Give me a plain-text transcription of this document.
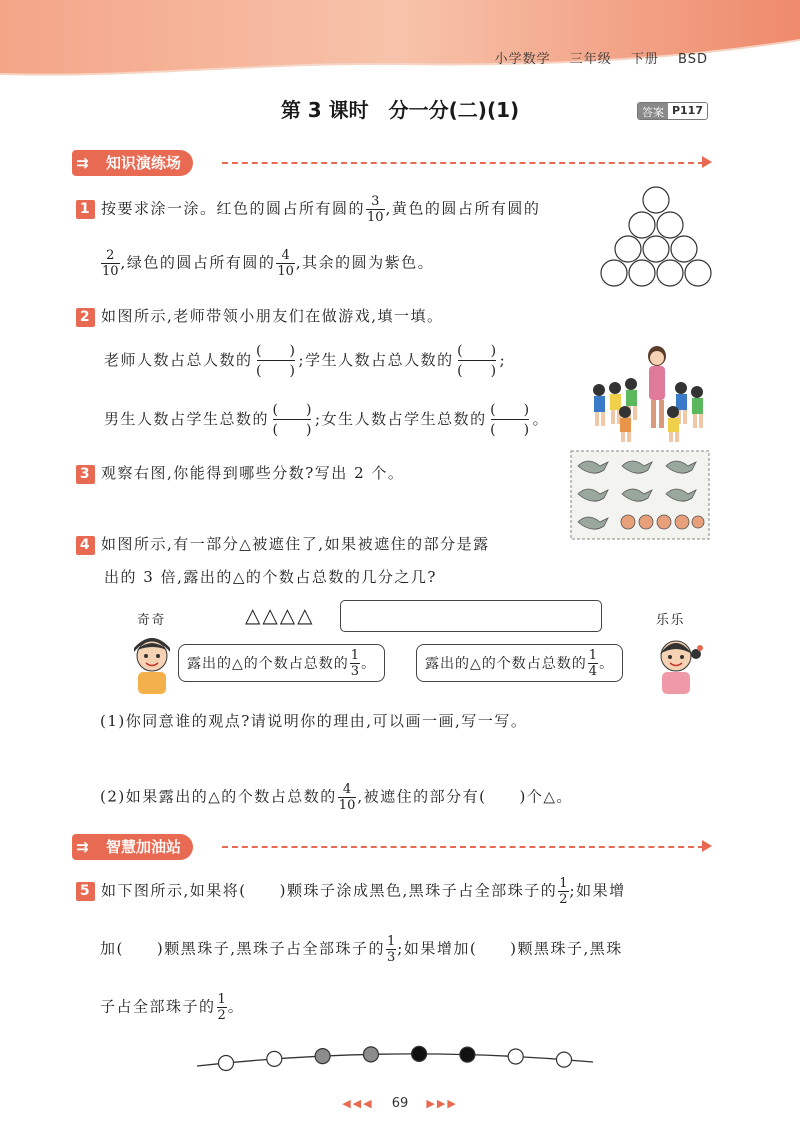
小学数学 三年级 下册 BSD
第 3 课时　分一分(二)(1)	答案 P117
⇉	知识演练场
1 按要求涂一涂。红色的圆占所有圆的 $\frac{3}{10}$ ,黄色的圆占所有圆的
$\frac{2}{10}$ ,绿色的圆占所有圆的 $\frac{4}{10}$ ,其余的圆为紫色。
2 如图所示,老师带领小朋友们在做游戏,填一填。
老师人数占总人数的 (　　)
(　　)
;学生人数占总人数的 (　　)
(　　)
;
男生人数占学生总数的 (　　)
(　　)
;女生人数占学生总数的 (　　)
(　　)
。
3 观察右图,你能得到哪些分数?写出 2 个。
4 如图所示,有一部分△被遮住了,如果被遮住的部分是露
出的 3 倍,露出的△的个数占总数的几分之几?
△△△△
奇奇	乐乐
露出的△的个数占总数的 $\frac{1}{3}$ 。	露出的△的个数占总数的 $\frac{1}{4}$ 。
(1)你同意谁的观点?请说明你的理由,可以画一画,写一写。
(2)如果露出的△的个数占总数的 $\frac{4}{10}$ ,被遮住的部分有(　　)个△。
⇉	智慧加油站
5 如下图所示,如果将(　　)颗珠子涂成黑色,黑珠子占全部珠子的 $\frac{1}{2}$ ;如果增
加(　　)颗黑珠子,黑珠子占全部珠子的 $\frac{1}{3}$ ;如果增加(　　)颗黑珠子,黑珠
子占全部珠子的 $\frac{1}{2}$ 。
◀◀◀ 69 ▶▶▶
